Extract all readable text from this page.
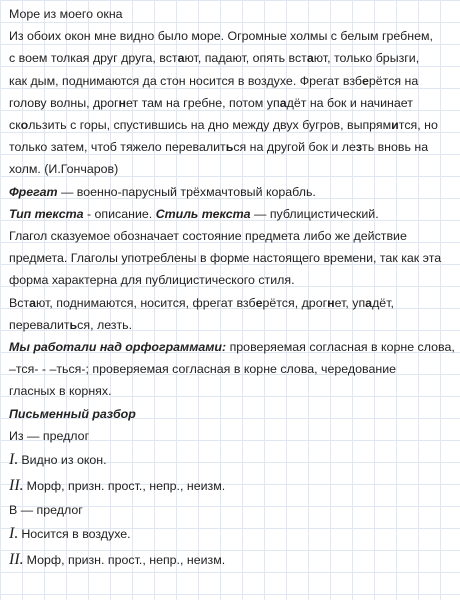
Море из моего окна
Из обоих окон мне видно было море. Огромные холмы с белым гребнем,
с воем толкая друг друга, встают, падают, опять встают, только брызги,
как дым, поднимаются да стон носится в воздухе. Фрегат взберётся на
голову волны, дрогнет там на гребне, потом упадёт на бок и начинает
скользить с горы, спустившись на дно между двух бугров, выпрямится, но
только затем, чтоб тяжело перевалиться на другой бок и лезть вновь на
холм. (И.Гончаров)
Фрегат — военно-парусный трёхмачтовый корабль.
Тип текста - описание. Стиль текста — публицистический.
Глагол сказуемое обозначает состояние предмета либо же действие
предмета. Глаголы употреблены в форме настоящего времени, так как эта
форма характерна для публицистического стиля.
Встают, поднимаются, носится, фрегат взберётся, дрогнет, упадёт,
перевалиться, лезть.
Мы работали над орфограммами: проверяемая согласная в корне слова,
–тся- - –ться-; проверяемая согласная в корне слова, чередование
гласных в корнях.
Письменный разбор
Из — предлог
I. Видно из окон.
II. Морф, призн. прост., непр., неизм.
В — предлог
I. Носится в воздухе.
II. Морф, призн. прост., непр., неизм.
